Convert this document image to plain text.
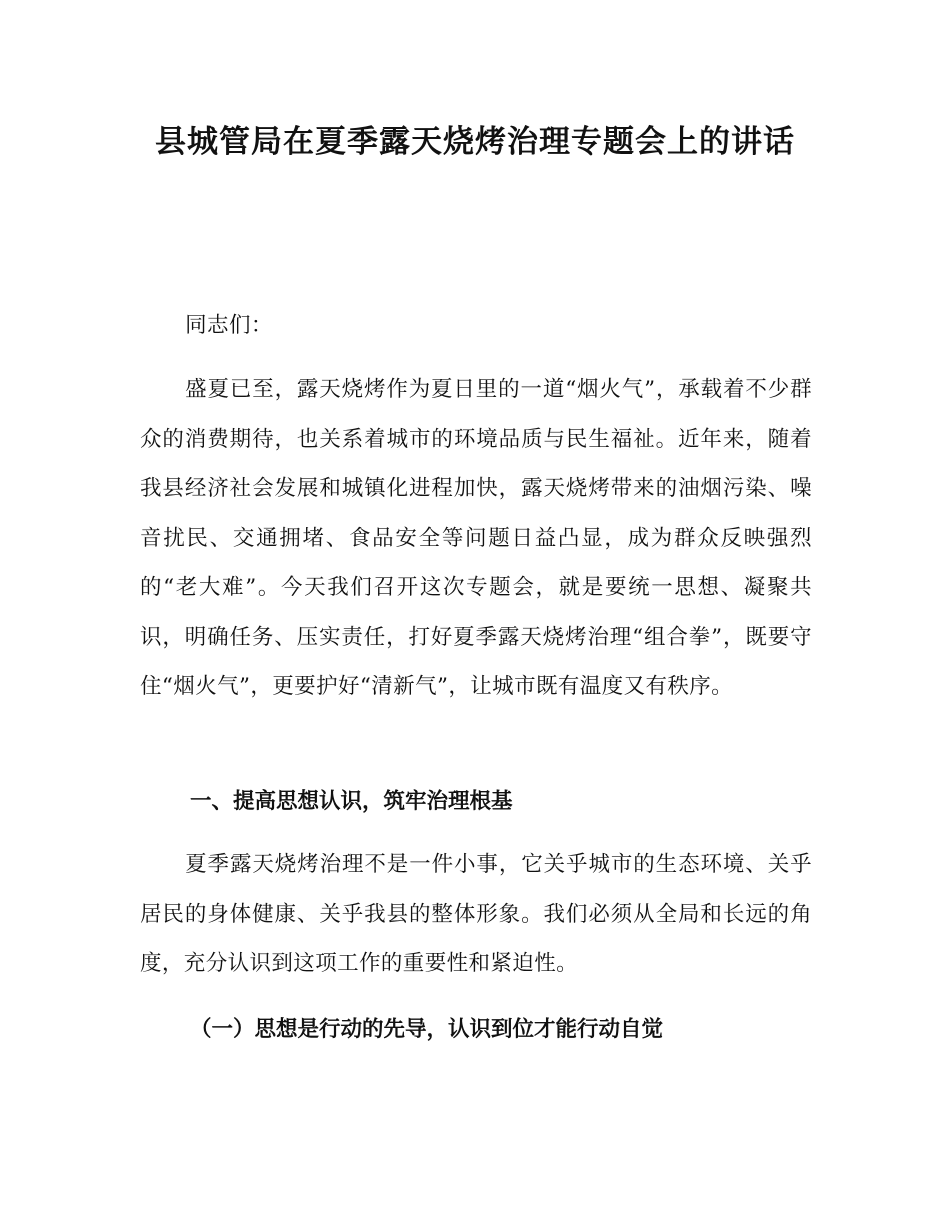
县城管局在夏季露天烧烤治理专题会上的讲话

同志们：

盛夏已至，露天烧烤作为夏日里的一道“烟火气”，承载着不少群众的消费期待，也关系着城市的环境品质与民生福祉。近年来，随着我县经济社会发展和城镇化进程加快，露天烧烤带来的油烟污染、噪音扰民、交通拥堵、食品安全等问题日益凸显，成为群众反映强烈的“老大难”。今天我们召开这次专题会，就是要统一思想、凝聚共识，明确任务、压实责任，打好夏季露天烧烤治理“组合拳”，既要守住“烟火气”，更要护好“清新气”，让城市既有温度又有秩序。

一、提高思想认识，筑牢治理根基

夏季露天烧烤治理不是一件小事，它关乎城市的生态环境、关乎居民的身体健康、关乎我县的整体形象。我们必须从全局和长远的角度，充分认识到这项工作的重要性和紧迫性。

（一）思想是行动的先导，认识到位才能行动自觉
